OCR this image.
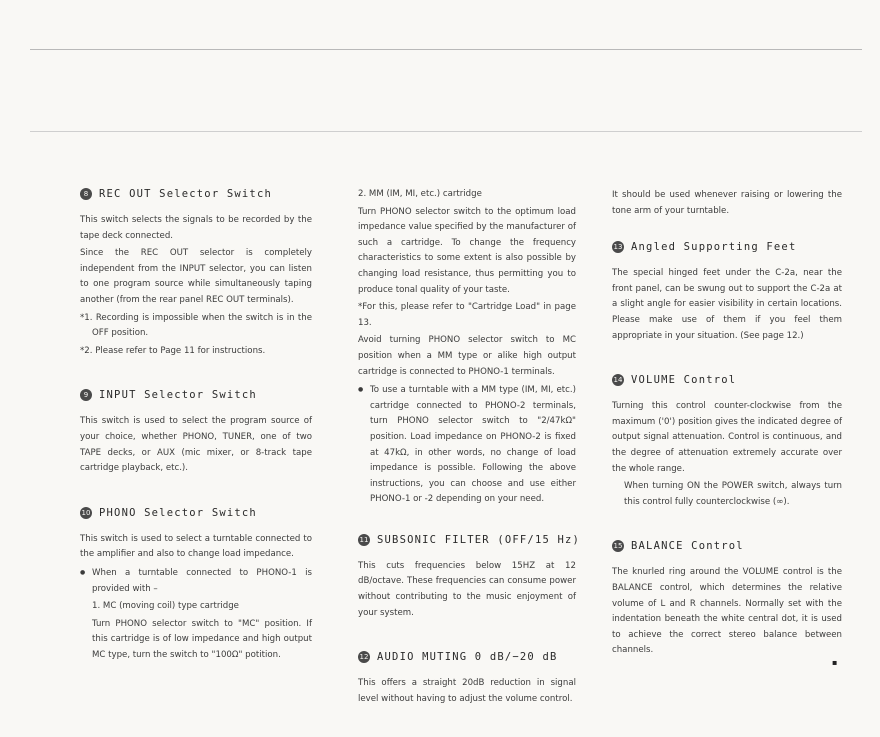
8	REC OUT Selector Switch

This switch selects the signals to be recorded by the tape deck connected.

Since the REC OUT selector is completely independent from the INPUT selector, you can listen to one program source while simultaneously taping another (from the rear panel REC OUT terminals).

*1. Recording is impossible when the switch is in the OFF position.

*2. Please refer to Page 11 for instructions.

9	INPUT Selector Switch

This switch is used to select the program source of your choice, whether PHONO, TUNER, one of two TAPE decks, or AUX (mic mixer, or 8-track tape cartridge playback, etc.).

10 PHONO Selector Switch

This switch is used to select a turntable connected to the amplifier and also to change load impedance.

● When a turntable connected to PHONO-1 is provided with –

1. MC (moving coil) type cartridge

Turn PHONO selector switch to "MC" position. If this cartridge is of low impedance and high output MC type, turn the switch to "100Ω" potition.

2. MM (IM, MI, etc.) cartridge

Turn PHONO selector switch to the optimum load impedance value specified by the manufacturer of such a cartridge. To change the frequency characteristics to some extent is also possible by changing load resistance, thus permitting you to produce tonal quality of your taste.

*For this, please refer to "Cartridge Load" in page 13.

Avoid turning PHONO selector switch to MC position when a MM type or alike high output cartridge is connected to PHONO-1 terminals.

● To use a turntable with a MM type (IM, MI, etc.) cartridge connected to PHONO-2 terminals, turn PHONO selector switch to "2/47kΩ" position. Load impedance on PHONO-2 is fixed at 47kΩ, in other words, no change of load impedance is possible. Following the above instructions, you can choose and use either PHONO-1 or -2 depending on your need.

11 SUBSONIC FILTER (OFF/15 Hz)

This cuts frequencies below 15HZ at 12 dB/octave. These frequencies can consume power without contributing to the music enjoyment of your system.

12 AUDIO MUTING 0 dB/−20 dB

This offers a straight 20dB reduction in signal level without having to adjust the volume control.

It should be used whenever raising or lowering the tone arm of your turntable.

13 Angled Supporting Feet

The special hinged feet under the C-2a, near the front panel, can be swung out to support the C-2a at a slight angle for easier visibility in certain locations. Please make use of them if you feel them appropriate in your situation. (See page 12.)

14 VOLUME Control

Turning this control counter-clockwise from the maximum ('0') position gives the indicated degree of output signal attenuation. Control is continuous, and the degree of attenuation extremely accurate over the whole range.

When turning ON the POWER switch, always turn this control fully counterclockwise (∞).

15 BALANCE Control

The knurled ring around the VOLUME control is the BALANCE control, which determines the relative volume of L and R channels. Normally set with the indentation beneath the white central dot, it is used to achieve the correct stereo balance between channels.

▪
